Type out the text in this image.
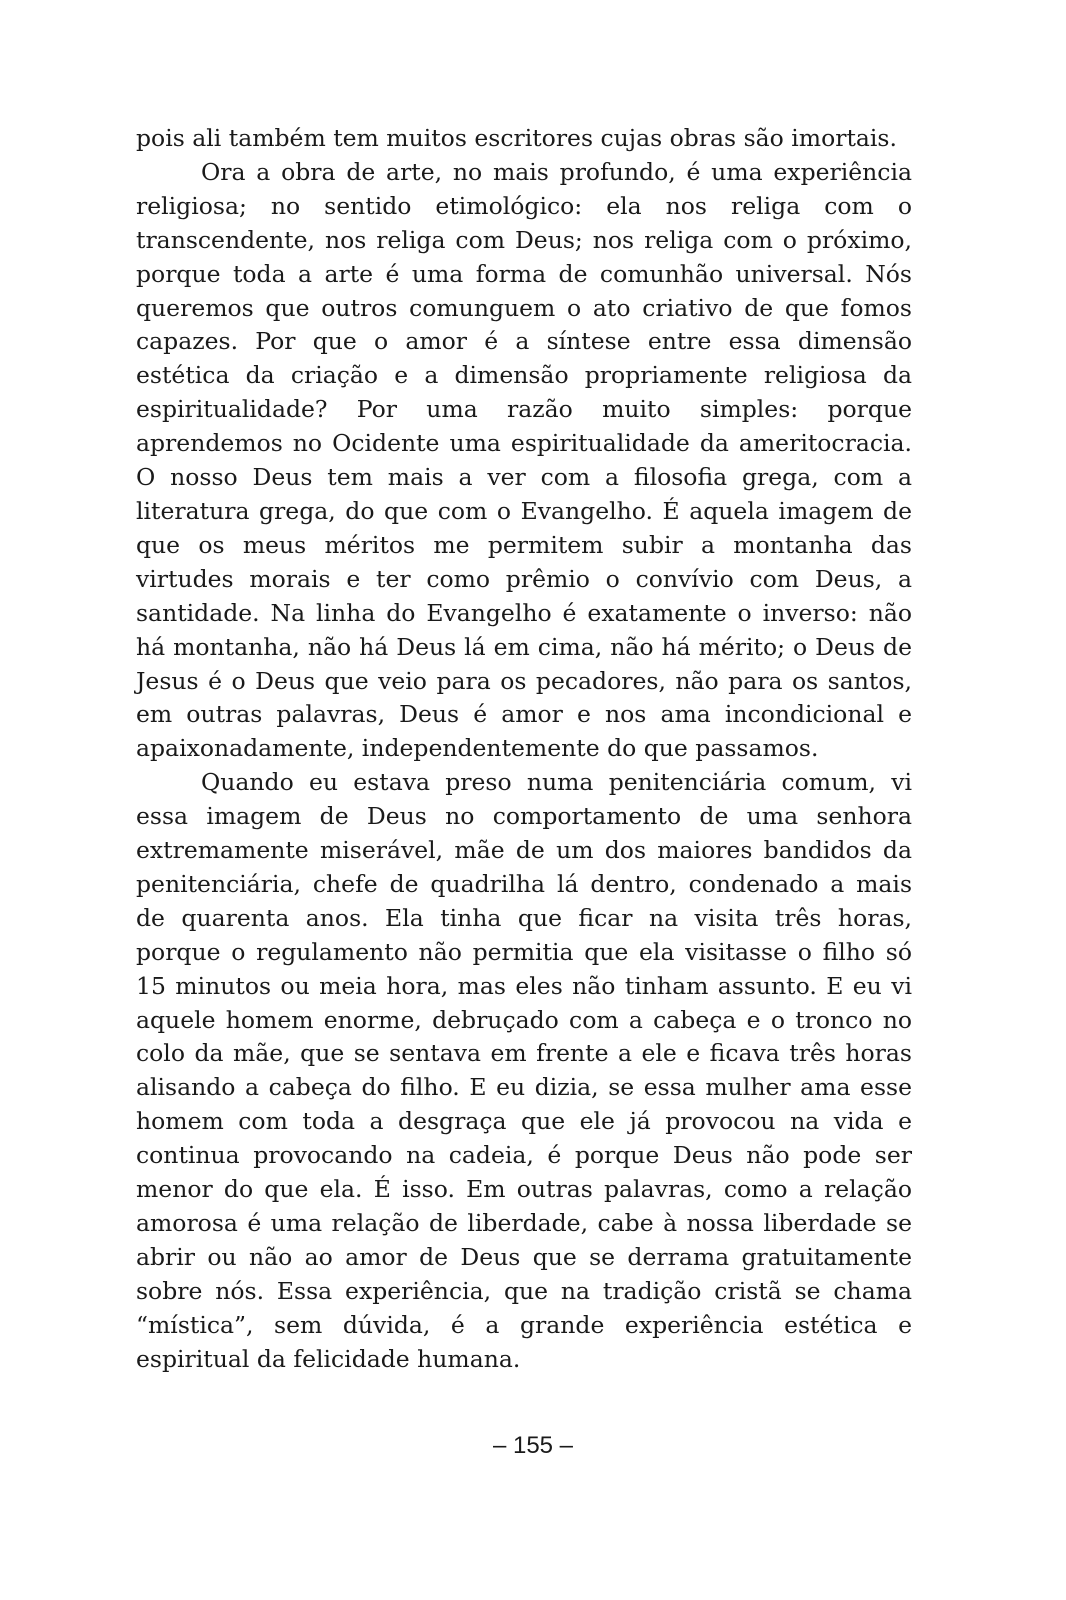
pois ali também tem muitos escritores cujas obras são imortais.

Ora a obra de arte, no mais profundo, é uma experiência religiosa; no sentido etimológico: ela nos religa com o transcendente, nos religa com Deus; nos religa com o próximo, porque toda a arte é uma forma de comunhão universal. Nós queremos que outros comunguem o ato criativo de que fomos capazes. Por que o amor é a síntese entre essa dimensão estética da criação e a dimensão propriamente religiosa da espiritualidade? Por uma razão muito simples: porque aprendemos no Ocidente uma espiritualidade da ameritocracia. O nosso Deus tem mais a ver com a filosofia grega, com a literatura grega, do que com o Evangelho. É aquela imagem de que os meus méritos me permitem subir a montanha das virtudes morais e ter como prêmio o convívio com Deus, a santidade. Na linha do Evangelho é exatamente o inverso: não há montanha, não há Deus lá em cima, não há mérito; o Deus de Jesus é o Deus que veio para os pecadores, não para os santos, em outras palavras, Deus é amor e nos ama incondicional e apaixonadamente, independentemente do que passamos.

Quando eu estava preso numa penitenciária comum, vi essa imagem de Deus no comportamento de uma senhora extremamente miserável, mãe de um dos maiores bandidos da penitenciária, chefe de quadrilha lá dentro, condenado a mais de quarenta anos. Ela tinha que ficar na visita três horas, porque o regulamento não permitia que ela visitasse o filho só 15 minutos ou meia hora, mas eles não tinham assunto. E eu vi aquele homem enorme, debruçado com a cabeça e o tronco no colo da mãe, que se sentava em frente a ele e ficava três horas alisando a cabeça do filho. E eu dizia, se essa mulher ama esse homem com toda a desgraça que ele já provocou na vida e continua provocando na cadeia, é porque Deus não pode ser menor do que ela. É isso. Em outras palavras, como a relação amorosa é uma relação de liberdade, cabe à nossa liberdade se abrir ou não ao amor de Deus que se derrama gratuitamente sobre nós. Essa experiência, que na tradição cristã se chama “mística”, sem dúvida, é a grande experiência estética e espiritual da felicidade humana.

– 155 –
